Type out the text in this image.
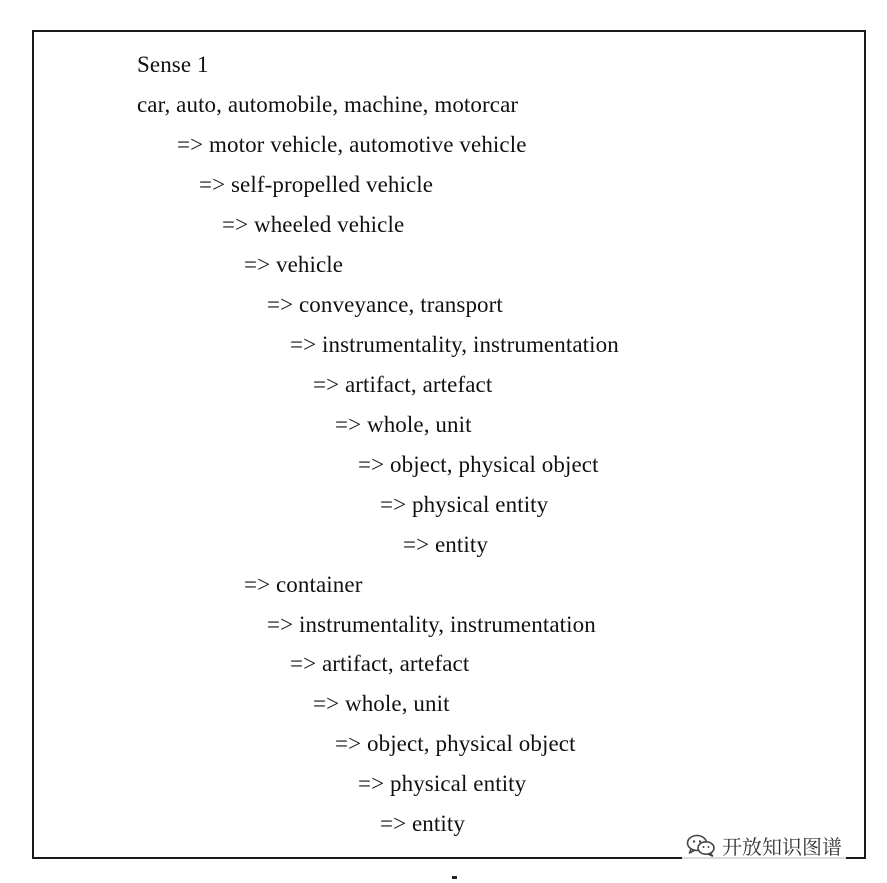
Sense 1
car, auto, automobile, machine, motorcar
=> motor vehicle, automotive vehicle
=> self-propelled vehicle
=> wheeled vehicle
=> vehicle
=> conveyance, transport
=> instrumentality, instrumentation
=> artifact, artefact
=> whole, unit
=> object, physical object
=> physical entity
=> entity
=> container
=> instrumentality, instrumentation
=> artifact, artefact
=> whole, unit
=> object, physical object
=> physical entity
=> entity
开放知识图谱
